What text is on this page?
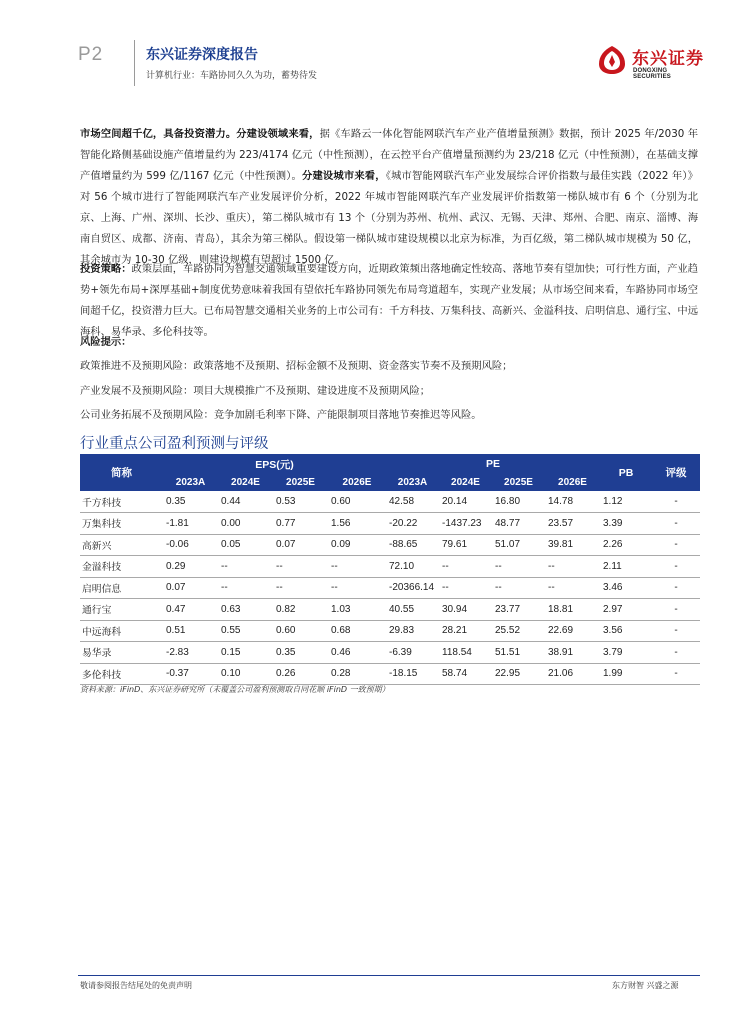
P2	东兴证券深度报告
计算机行业：车路协同久久为功，蓄势待发
东兴证券
DONGXING SECURITIES
市场空间超千亿，具备投资潜力。分建设领域来看，据《车路云一体化智能网联汽车产业产值增量预测》数据，预计 2025 年/2030 年智能化路侧基础设施产值增量约为 223/4174 亿元（中性预测），在云控平台产值增量预测约为 23/218 亿元（中性预测），在基础支撑产值增量约为 599 亿/1167 亿元（中性预测）。分建设城市来看，《城市智能网联汽车产业发展综合评价指数与最佳实践（2022 年）》对 56 个城市进行了智能网联汽车产业发展评价分析，2022 年城市智能网联汽车产业发展评价指数第一梯队城市有 6 个（分别为北京、上海、广州、深圳、长沙、重庆），第二梯队城市有 13 个（分别为苏州、杭州、武汉、无锡、天津、郑州、合肥、南京、淄博、海南自贸区、成都、济南、青岛），其余为第三梯队。假设第一梯队城市建设规模以北京为标准，为百亿级，第二梯队城市规模为 50 亿，其余城市为 10-30 亿级，则建设规模有望超过 1500 亿。
投资策略：政策层面，车路协同为智慧交通领域重要建设方向，近期政策频出落地确定性较高、落地节奏有望加快；可行性方面，产业趋势+领先布局+深厚基础+制度优势意味着我国有望依托车路协同领先布局弯道超车，实现产业发展；从市场空间来看，车路协同市场空间超千亿，投资潜力巨大。已布局智慧交通相关业务的上市公司有：千方科技、万集科技、高新兴、金溢科技、启明信息、通行宝、中远海科、易华录、多伦科技等。
风险提示：
政策推进不及预期风险：政策落地不及预期、招标金额不及预期、资金落实节奏不及预期风险；
产业发展不及预期风险：项目大规模推广不及预期、建设进度不及预期风险；
公司业务拓展不及预期风险：竞争加剧毛利率下降、产能限制项目落地节奏推迟等风险。
行业重点公司盈利预测与评级
简称	EPS(元)				PE				PB	评级
	2023A	2024E	2025E	2026E	2023A	2024E	2025E	2026E		
千方科技	0.35	0.44	0.53	0.60	42.58	20.14	16.80	14.78	1.12	-
万集科技	-1.81	0.00	0.77	1.56	-20.22	-1437.23	48.77	23.57	3.39	-
高新兴	-0.06	0.05	0.07	0.09	-88.65	79.61	51.07	39.81	2.26	-
金溢科技	0.29	--	--	--	72.10	--	--	--	2.11	-
启明信息	0.07	--	--	--	-20366.14	--	--	--	3.46	-
通行宝	0.47	0.63	0.82	1.03	40.55	30.94	23.77	18.81	2.97	-
中远海科	0.51	0.55	0.60	0.68	29.83	28.21	25.52	22.69	3.56	-
易华录	-2.83	0.15	0.35	0.46	-6.39	118.54	51.51	38.91	3.79	-
多伦科技	-0.37	0.10	0.26	0.28	-18.15	58.74	22.95	21.06	1.99	-
资料来源：iFinD、东兴证券研究所（未覆盖公司盈利预测取自同花顺 iFinD 一致预期）
敬请参阅报告结尾处的免责声明	东方财智 兴盛之源
